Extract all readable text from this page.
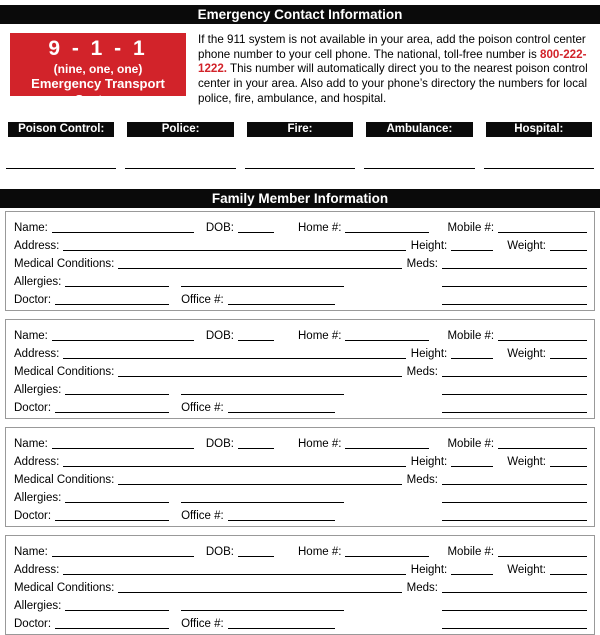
Emergency Contact Information
9 - 1 - 1
(nine, one, one)
Emergency Transport System
If the 911 system is not available in your area, add the poison control center phone number to your cell phone. The national, toll-free number is 800-222-1222. This number will automatically direct you to the nearest poison control center in your area. Also add to your phone’s directory the numbers for local police, fire, ambulance, and hospital.
Poison Control:	Police:	Fire:	Ambulance:	Hospital:
Family Member Information
Name:	DOB:	Home #:	Mobile #:
Address:	Height:	Weight:
Medical Conditions:	Meds:
Allergies:
Doctor:	Office #:
Name:	DOB:	Home #:	Mobile #:
Address:	Height:	Weight:
Medical Conditions:	Meds:
Allergies:
Doctor:	Office #:
Name:	DOB:	Home #:	Mobile #:
Address:	Height:	Weight:
Medical Conditions:	Meds:
Allergies:
Doctor:	Office #:
Name:	DOB:	Home #:	Mobile #:
Address:	Height:	Weight:
Medical Conditions:	Meds:
Allergies:
Doctor:	Office #:
